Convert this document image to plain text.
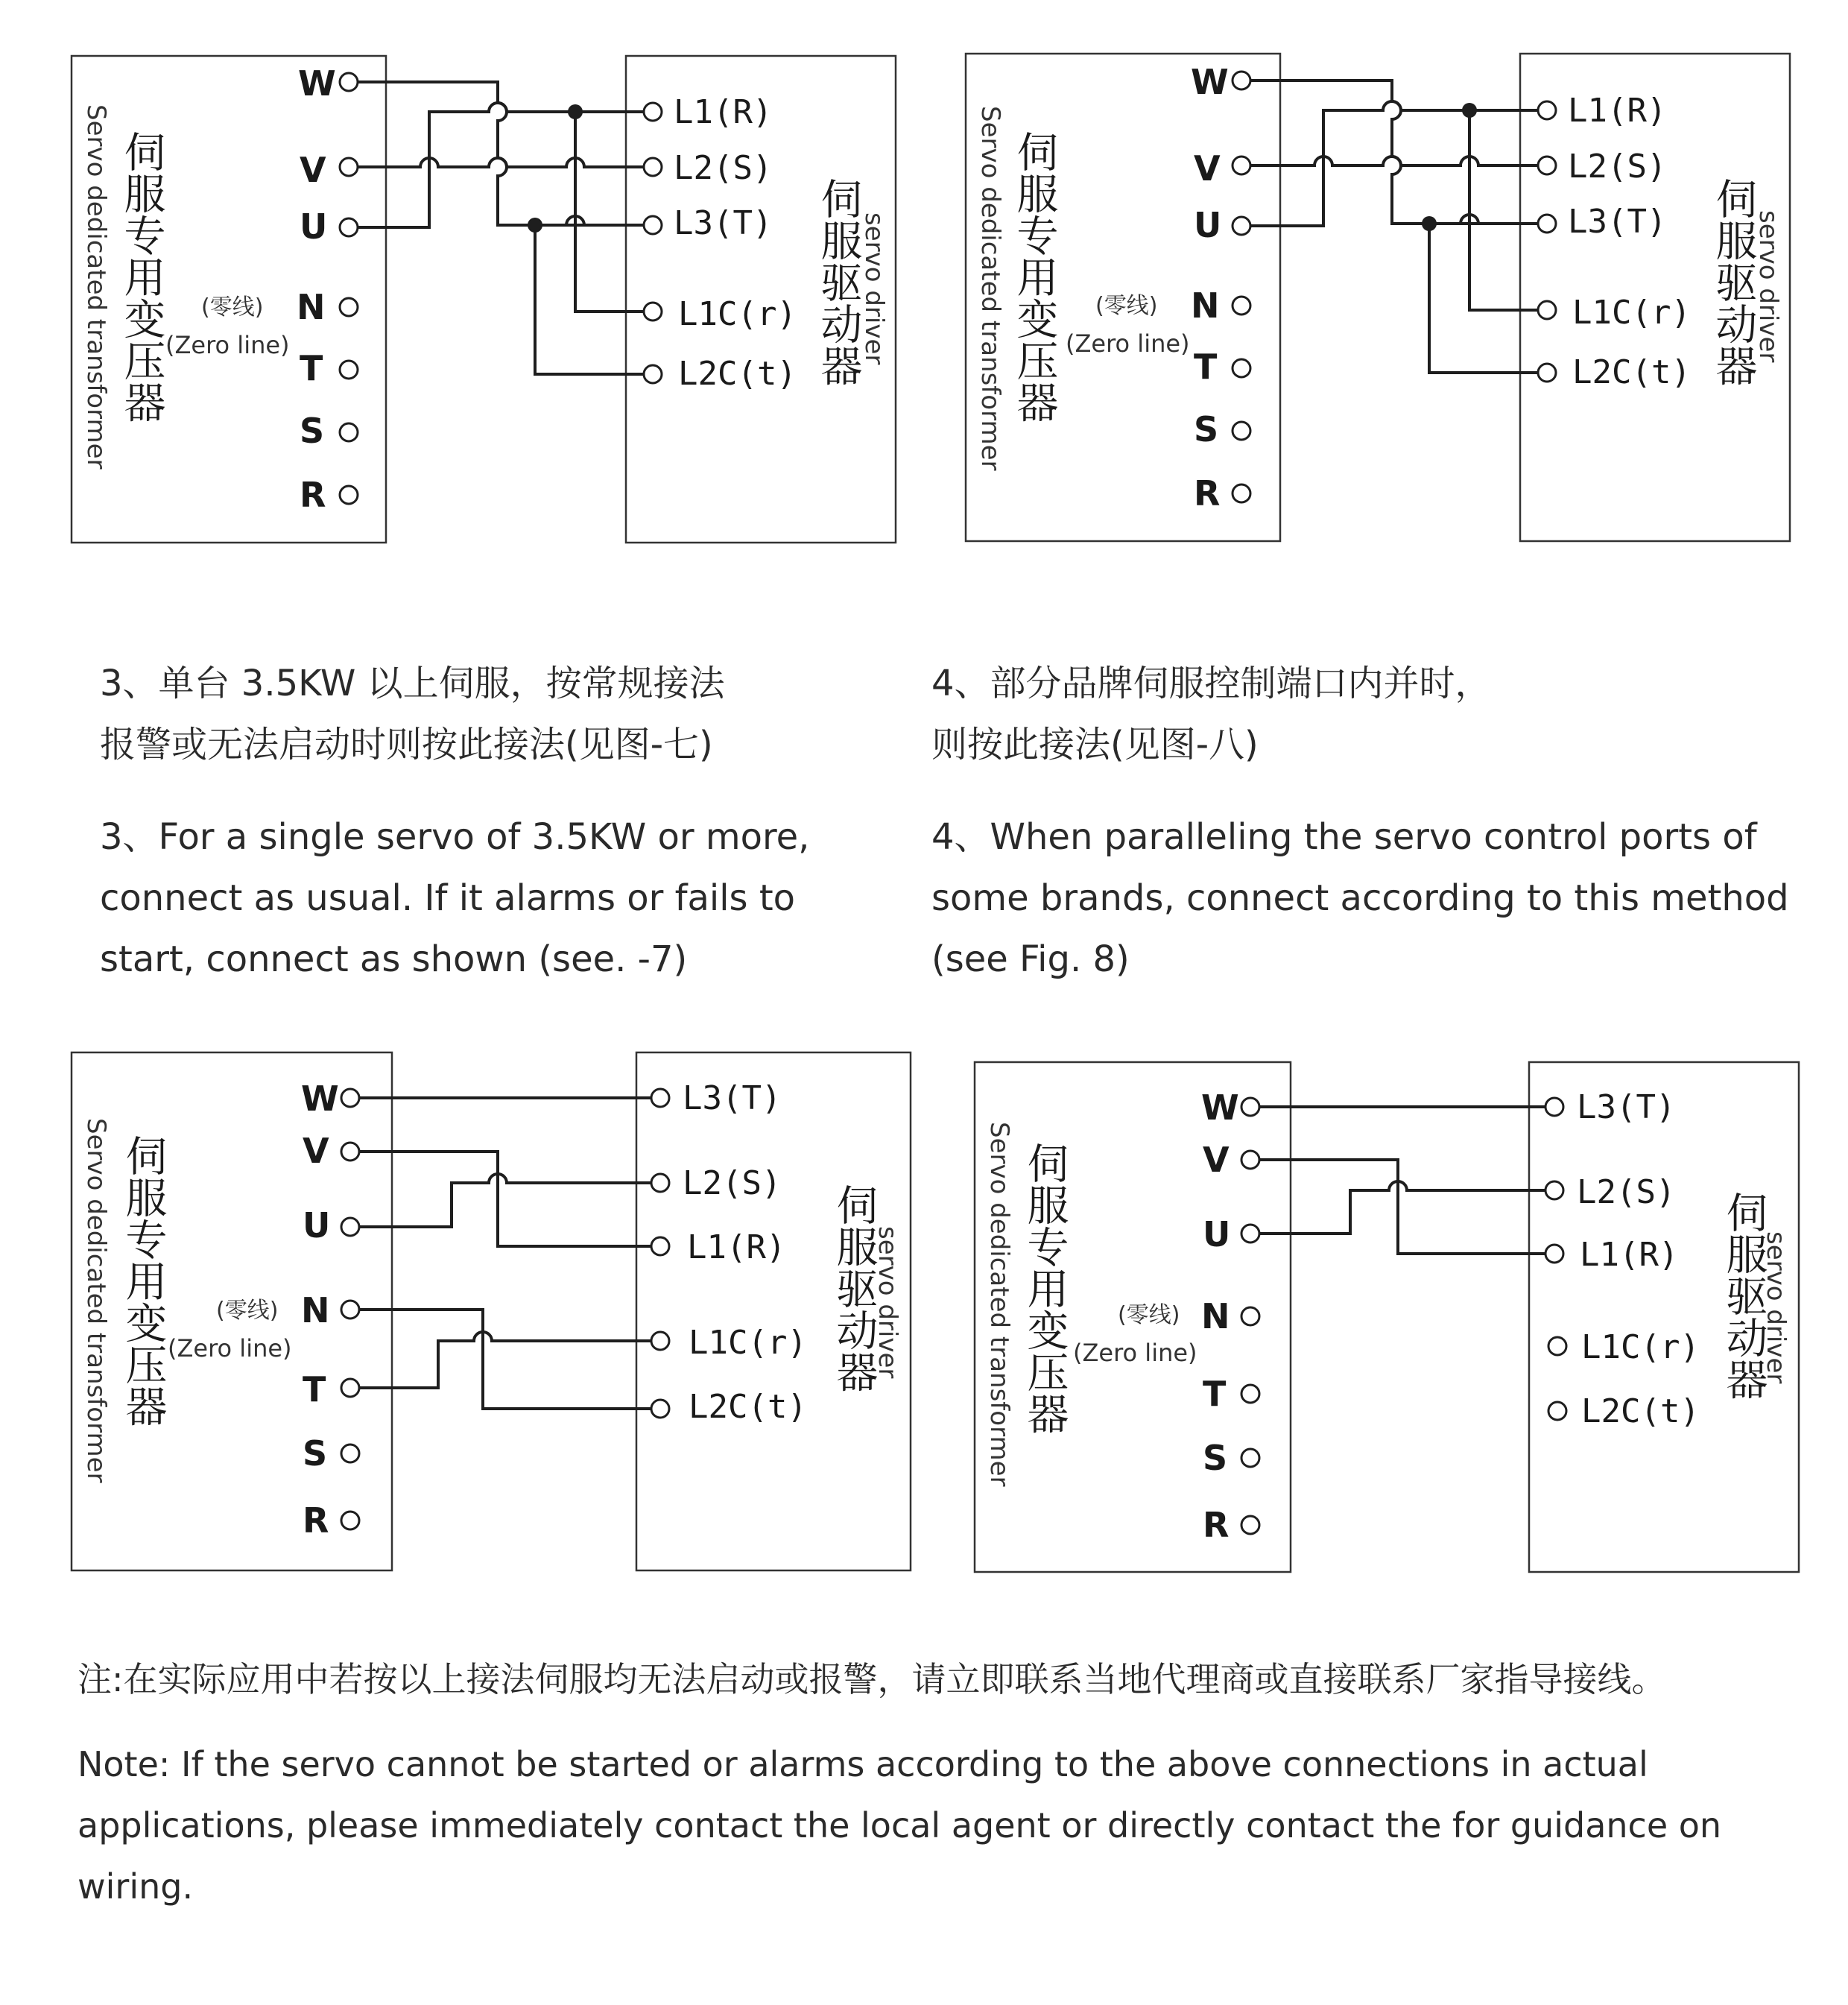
Servo dedicated transformer 伺服专用变压器	伺服驱动器
servo driver
(零线)
(Zero line)
W
V
U
N
T
S
R
L1(R)
L2(S)
L3(T)
L1C(r)
L2C(t)	Servo dedicated transformer 伺服专用变压器	伺服驱动器
servo driver
(零线)
(Zero line)
W
V
U
N
T
S
R
L1(R)
L2(S)
L3(T)
L1C(r)
L2C(t)
Servo dedicated transformer 伺服专用变压器	伺服驱动器
servo driver
(零线)
(Zero line)
W
V
U
N
T
S
R
L3(T)
L2(S)
L1(R)
L1C(r)
L2C(t)	Servo dedicated transformer 伺服专用变压器	伺服驱动器
servo driver
(零线)
(Zero line)
W
V
U
N
T
S
R
L3(T)
L2(S)
L1(R)
L1C(r)
L2C(t)
3、单台 3.5KW 以上伺服，按常规接法
报警或无法启动时则按此接法(见图-七)
4、部分品牌伺服控制端口内并时，
则按此接法(见图-八)
3、For a single servo of 3.5KW or more,
connect as usual. If it alarms or fails to
start, connect as shown (see. -7)
4、When paralleling the servo control ports of
some brands, connect according to this method
(see Fig. 8)
注:在实际应用中若按以上接法伺服均无法启动或报警，请立即联系当地代理商或直接联系厂家指导接线。
Note: If the servo cannot be started or alarms according to the above connections in actual
applications, please immediately contact the local agent or directly contact the for guidance on
wiring.
